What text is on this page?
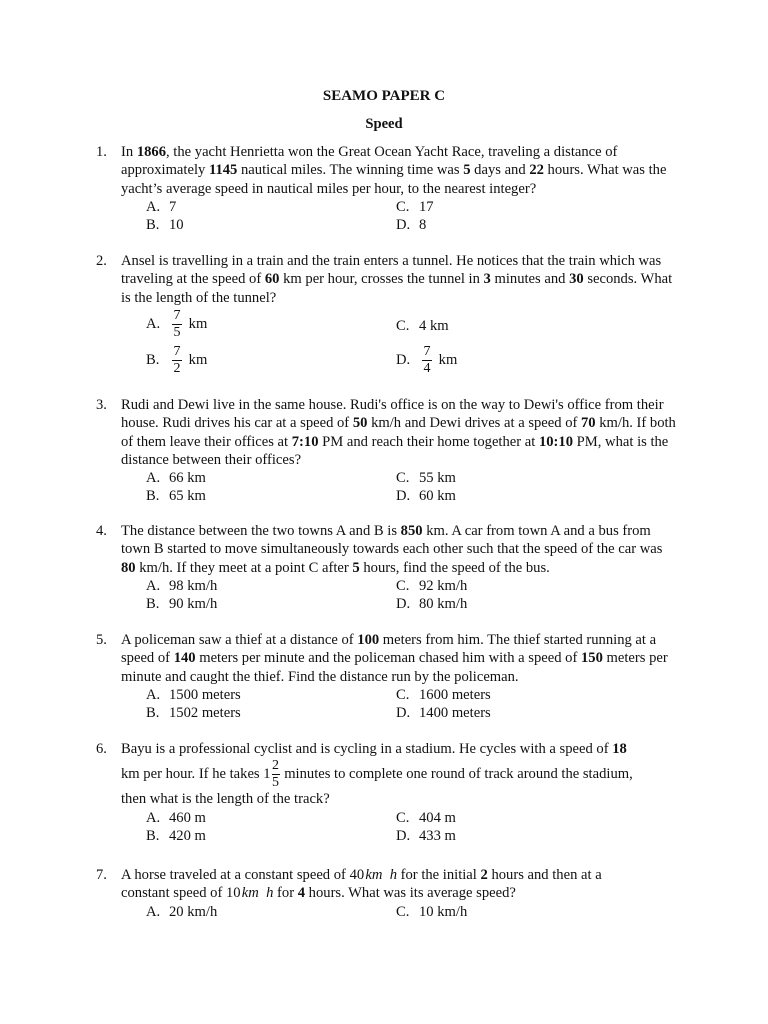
SEAMO PAPER C
Speed
1. In 1866, the yacht Henrietta won the Great Ocean Yacht Race, traveling a distance of approximately 1145 nautical miles. The winning time was 5 days and 22 hours. What was the yacht’s average speed in nautical miles per hour, to the nearest integer?
A. 7	C. 17
B. 10	D. 8
2. Ansel is travelling in a train and the train enters a tunnel. He notices that the train which was traveling at the speed of 60 km per hour, crosses the tunnel in 3 minutes and 30 seconds. What is the length of the tunnel?
A. $\frac{7}{5}$ km	C. 4 km
B. $\frac{7}{2}$ km	D. $\frac{7}{4}$ km
3. Rudi and Dewi live in the same house. Rudi's office is on the way to Dewi's office from their house. Rudi drives his car at a speed of 50 km/h and Dewi drives at a speed of 70 km/h. If both of them leave their offices at 7:10 PM and reach their home together at 10:10 PM, what is the distance between their offices?
A. 66 km	C. 55 km
B. 65 km	D. 60 km
4. The distance between the two towns A and B is 850 km. A car from town A and a bus from town B started to move simultaneously towards each other such that the speed of the car was 80 km/h. If they meet at a point C after 5 hours, find the speed of the bus.
A. 98 km/h	C. 92 km/h
B. 90 km/h	D. 80 km/h
5. A policeman saw a thief at a distance of 100 meters from him. The thief started running at a speed of 140 meters per minute and the policeman chased him with a speed of 150 meters per minute and caught the thief. Find the distance run by the policeman.
A. 1500 meters	C. 1600 meters
B. 1502 meters	D. 1400 meters
6. Bayu is a professional cyclist and is cycling in a stadium. He cycles with a speed of 18
km per hour. If he takes $1 \frac{2}{5}$ minutes to complete one round of track around the stadium,
then what is the length of the track?
A. 460 m	C. 404 m
B. 420 m	D. 433 m
7. A horse traveled at a constant speed of 40 km h for the initial 2 hours and then at a
constant speed of 10 km h for 4 hours. What was its average speed?
A. 20 km/h	C. 10 km/h
